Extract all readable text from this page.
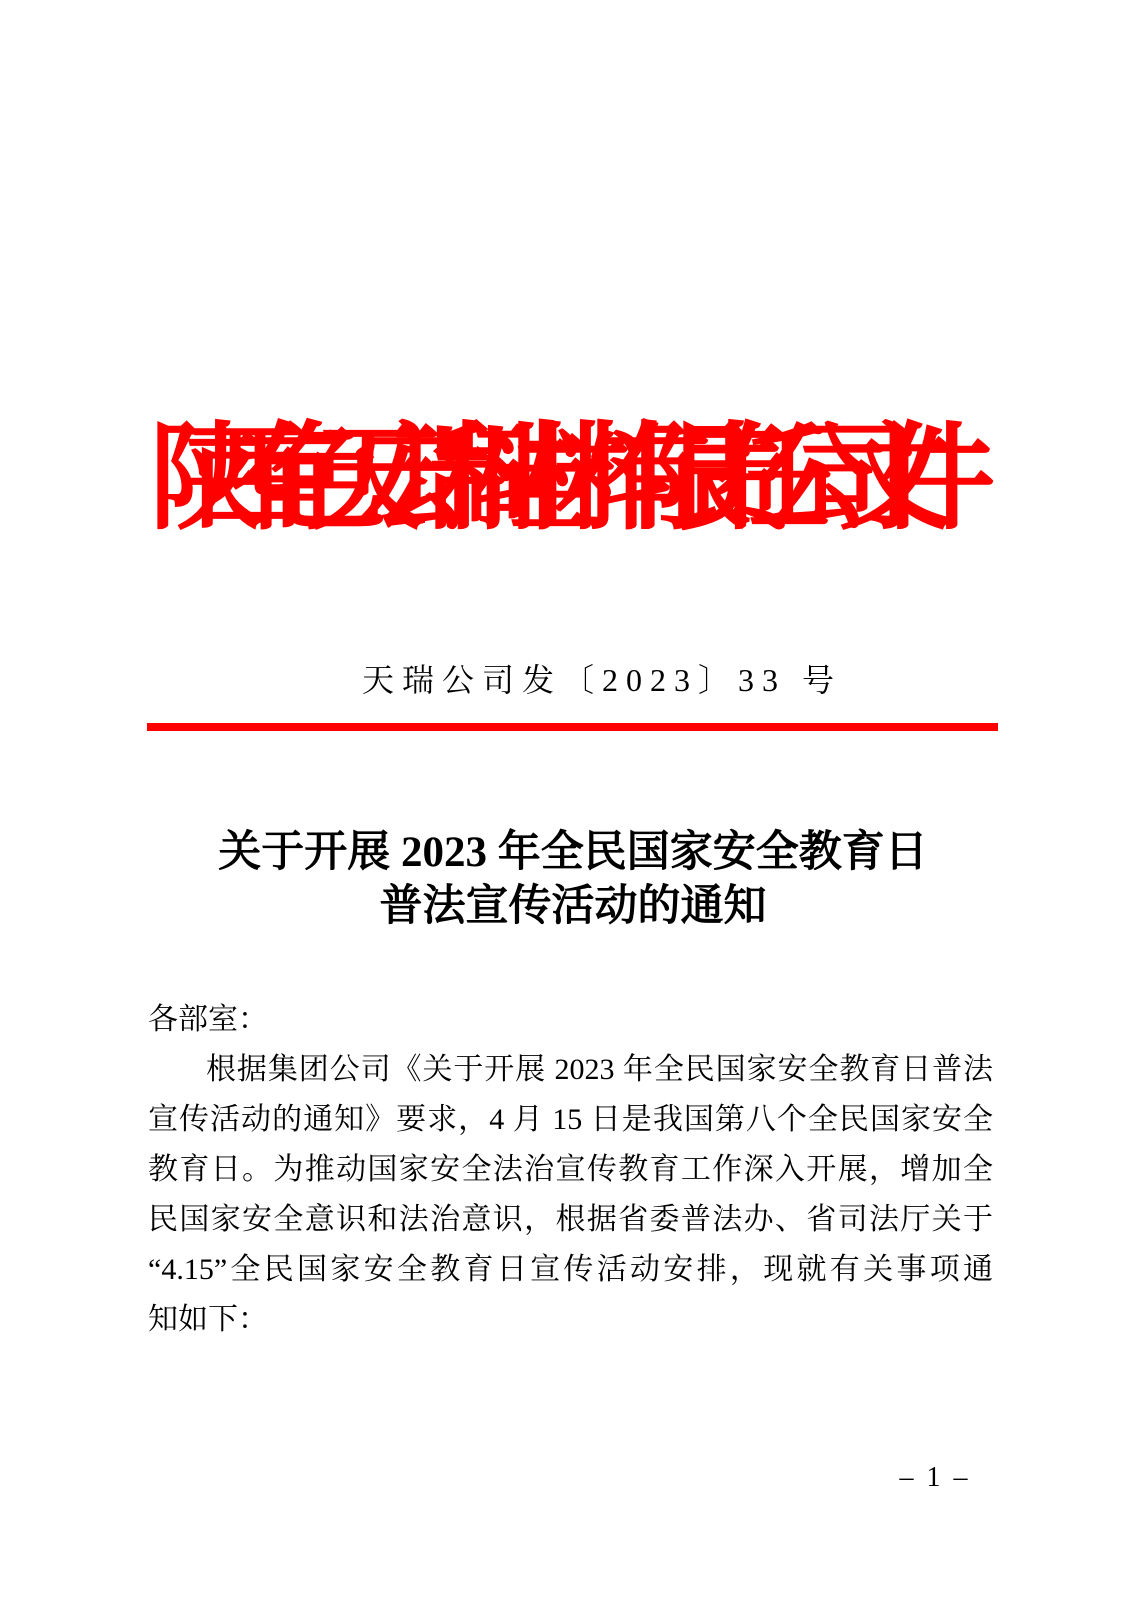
陕西有色天宏瑞科硅材料有限责任公司文件
天瑞公司发〔2023〕33 号
关于开展 2023 年全民国家安全教育日
普法宣传活动的通知
各部室：
根据集团公司《关于开展 2023 年全民国家安全教育日普法
宣传活动的通知》要求，4 月 15 日是我国第八个全民国家安全
教育日。为推动国家安全法治宣传教育工作深入开展，增加全
民国家安全意识和法治意识，根据省委普法办、省司法厅关于
“4.15”全民国家安全教育日宣传活动安排，现就有关事项通
知如下：
– 1 –
